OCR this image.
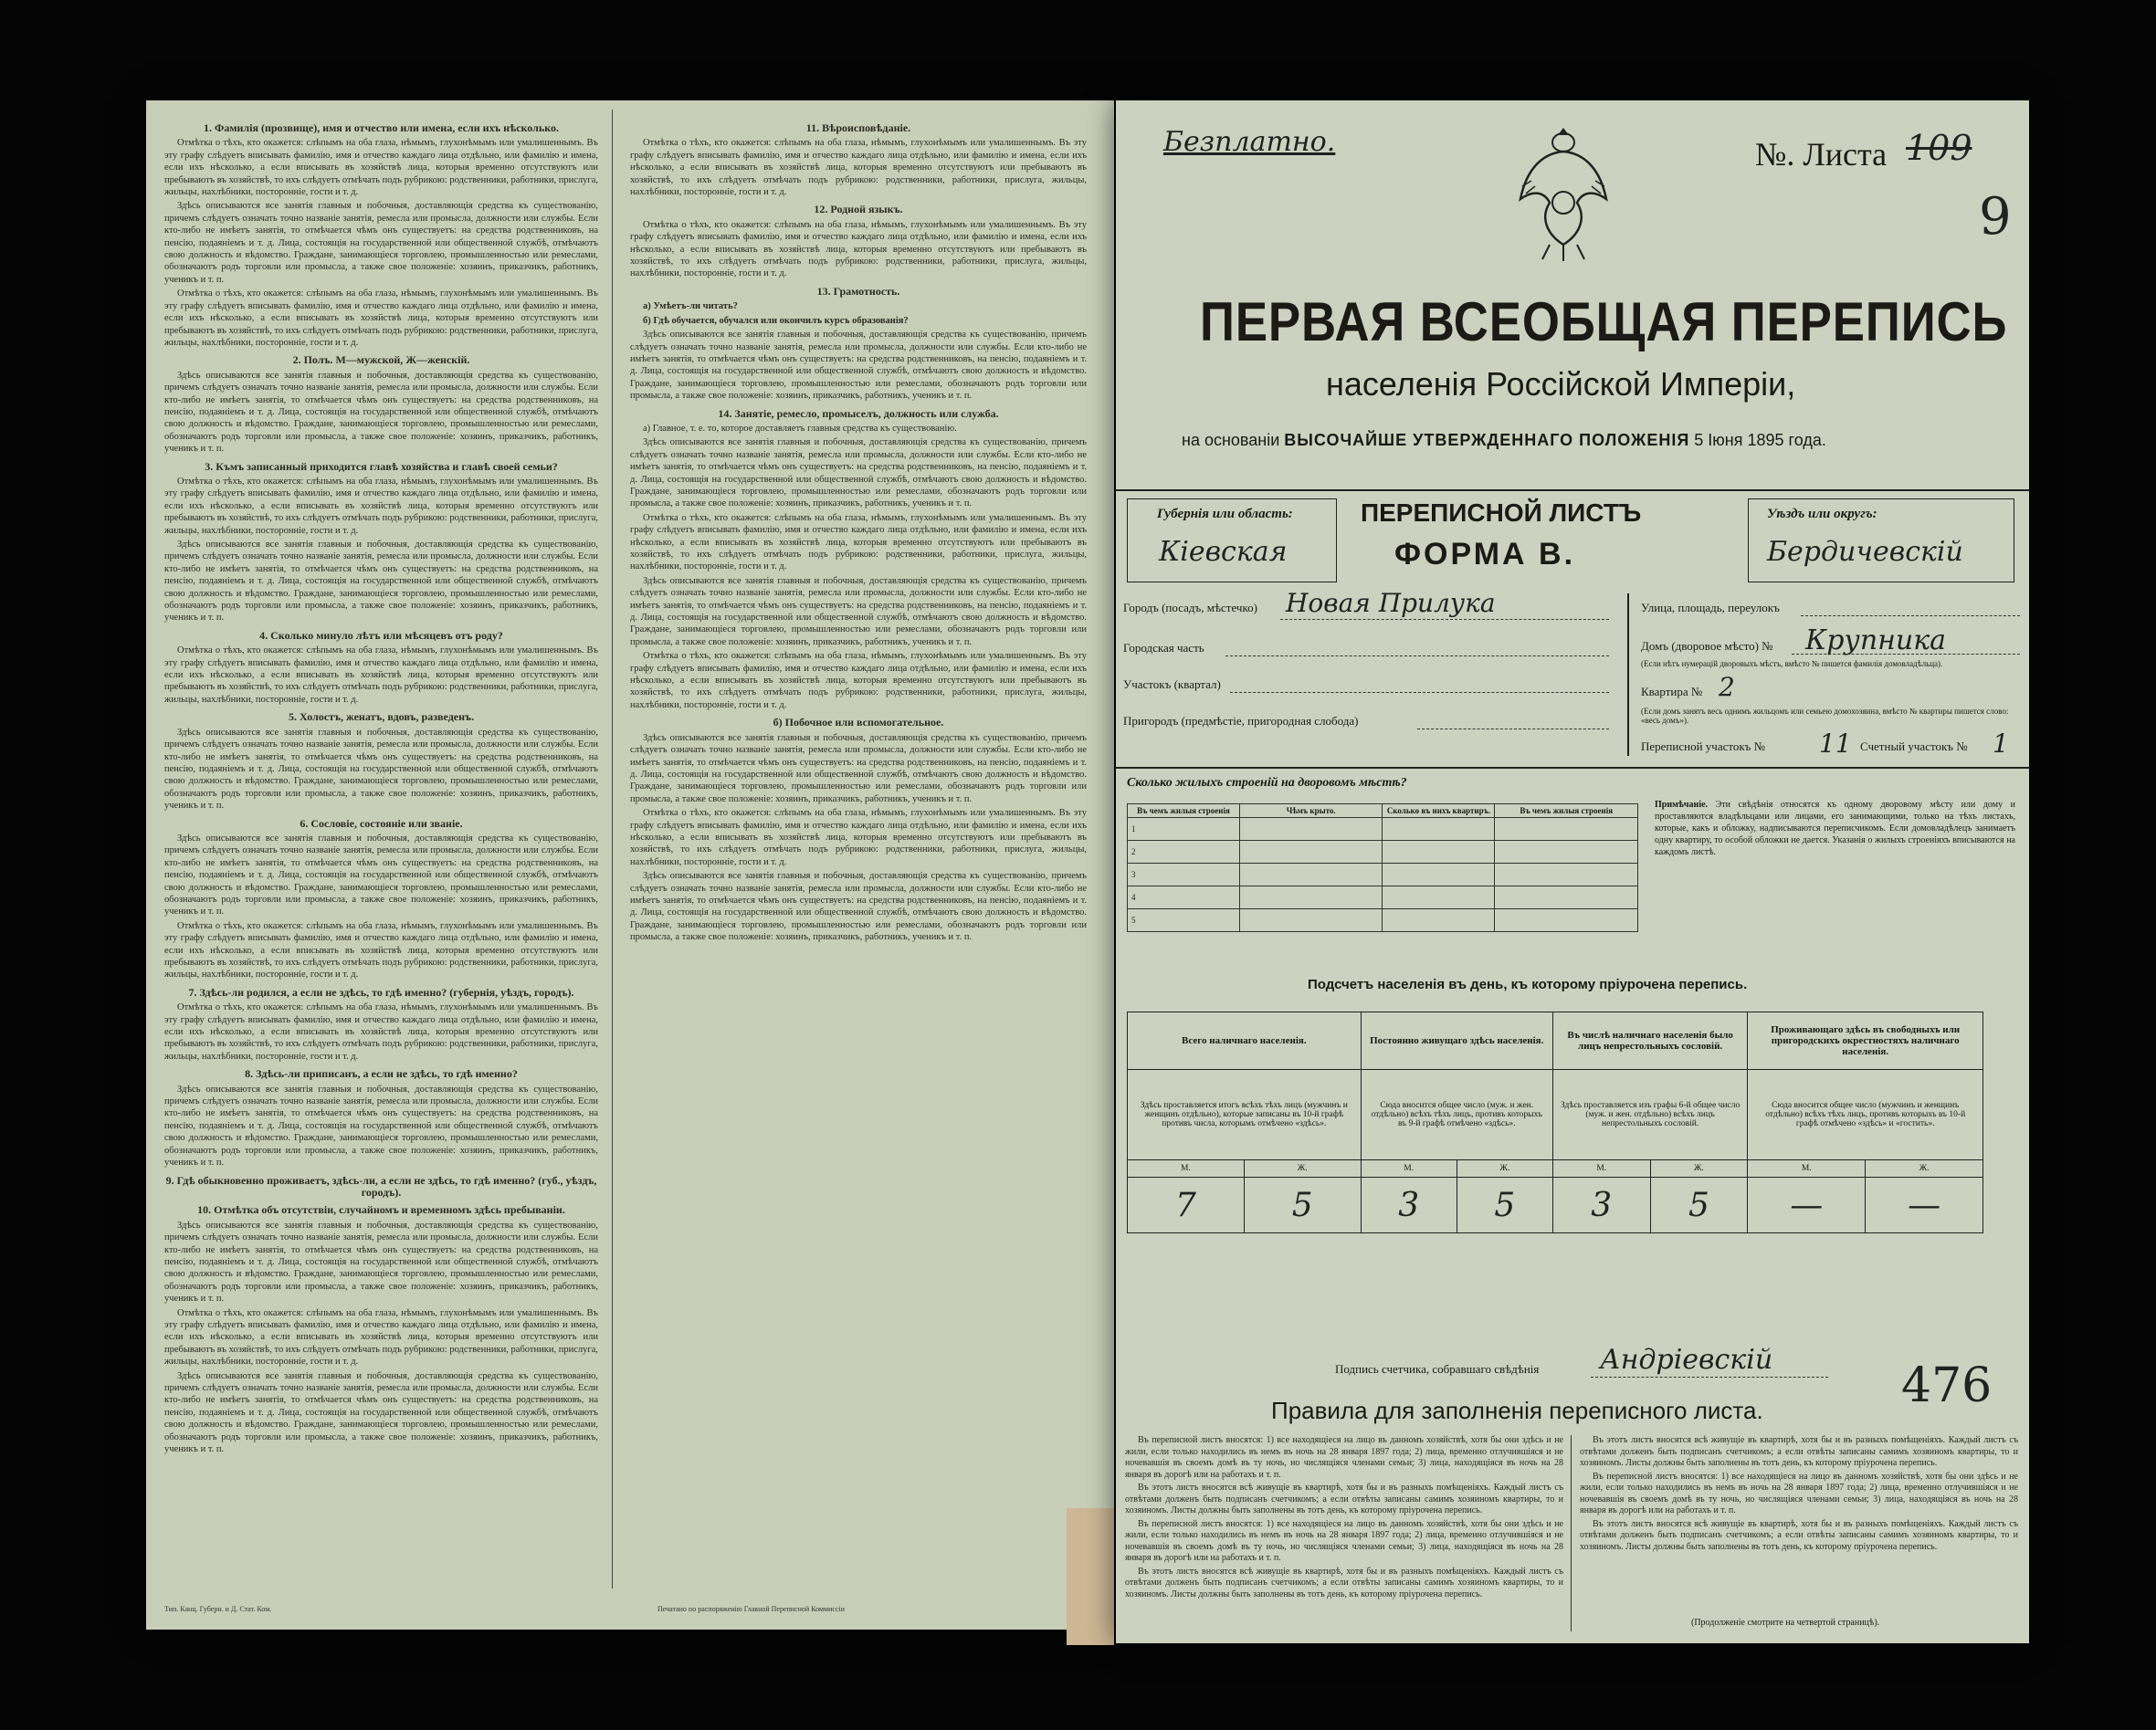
1. Фамилія (прозвище), имя и отчество или имена, если ихъ нѣсколько.

Отмѣтка о тѣхъ, кто окажется: слѣпымъ на оба глаза, нѣмымъ, глухонѣмымъ или умалишеннымъ. Въ эту графу слѣдуетъ вписывать фамилію, имя и отчество каждаго лица отдѣльно, или фамилію и имена, если ихъ нѣсколько, а если вписывать въ хозяйствѣ лица, которыя временно отсутствуютъ или пребываютъ въ хозяйствѣ, то ихъ слѣдуетъ отмѣчать подъ рубрикою: родственники, работники, прислуга, жильцы, нахлѣбники, посторонніе, гости и т. д.

Здѣсь описываются все занятія главныя и побочныя, доставляющія средства къ существованію, причемъ слѣдуетъ означать точно названіе занятія, ремесла или промысла, должности или службы. Если кто-либо не имѣетъ занятія, то отмѣчается чѣмъ онъ существуетъ: на средства родственниковъ, на пенсію, подаяніемъ и т. д. Лица, состоящія на государственной или общественной службѣ, отмѣчаютъ свою должность и вѣдомство. Граждане, занимающіеся торговлею, промышленностью или ремеслами, обозначаютъ родъ торговли или промысла, а также свое положеніе: хозяинъ, приказчикъ, работникъ, ученикъ и т. п.

Отмѣтка о тѣхъ, кто окажется: слѣпымъ на оба глаза, нѣмымъ, глухонѣмымъ или умалишеннымъ. Въ эту графу слѣдуетъ вписывать фамилію, имя и отчество каждаго лица отдѣльно, или фамилію и имена, если ихъ нѣсколько, а если вписывать въ хозяйствѣ лица, которыя временно отсутствуютъ или пребываютъ въ хозяйствѣ, то ихъ слѣдуетъ отмѣчать подъ рубрикою: родственники, работники, прислуга, жильцы, нахлѣбники, посторонніе, гости и т. д.

2. Полъ. М—мужской, Ж—женскій.

Здѣсь описываются все занятія главныя и побочныя, доставляющія средства къ существованію, причемъ слѣдуетъ означать точно названіе занятія, ремесла или промысла, должности или службы. Если кто-либо не имѣетъ занятія, то отмѣчается чѣмъ онъ существуетъ: на средства родственниковъ, на пенсію, подаяніемъ и т. д. Лица, состоящія на государственной или общественной службѣ, отмѣчаютъ свою должность и вѣдомство. Граждане, занимающіеся торговлею, промышленностью или ремеслами, обозначаютъ родъ торговли или промысла, а также свое положеніе: хозяинъ, приказчикъ, работникъ, ученикъ и т. п.

3. Къмъ записанный приходится главѣ хозяйства и главѣ своей семьи?

Отмѣтка о тѣхъ, кто окажется: слѣпымъ на оба глаза, нѣмымъ, глухонѣмымъ или умалишеннымъ. Въ эту графу слѣдуетъ вписывать фамилію, имя и отчество каждаго лица отдѣльно, или фамилію и имена, если ихъ нѣсколько, а если вписывать въ хозяйствѣ лица, которыя временно отсутствуютъ или пребываютъ въ хозяйствѣ, то ихъ слѣдуетъ отмѣчать подъ рубрикою: родственники, работники, прислуга, жильцы, нахлѣбники, посторонніе, гости и т. д.

Здѣсь описываются все занятія главныя и побочныя, доставляющія средства къ существованію, причемъ слѣдуетъ означать точно названіе занятія, ремесла или промысла, должности или службы. Если кто-либо не имѣетъ занятія, то отмѣчается чѣмъ онъ существуетъ: на средства родственниковъ, на пенсію, подаяніемъ и т. д. Лица, состоящія на государственной или общественной службѣ, отмѣчаютъ свою должность и вѣдомство. Граждане, занимающіеся торговлею, промышленностью или ремеслами, обозначаютъ родъ торговли или промысла, а также свое положеніе: хозяинъ, приказчикъ, работникъ, ученикъ и т. п.

4. Сколько минуло лѣтъ или мѣсяцевъ отъ роду?

Отмѣтка о тѣхъ, кто окажется: слѣпымъ на оба глаза, нѣмымъ, глухонѣмымъ или умалишеннымъ. Въ эту графу слѣдуетъ вписывать фамилію, имя и отчество каждаго лица отдѣльно, или фамилію и имена, если ихъ нѣсколько, а если вписывать въ хозяйствѣ лица, которыя временно отсутствуютъ или пребываютъ въ хозяйствѣ, то ихъ слѣдуетъ отмѣчать подъ рубрикою: родственники, работники, прислуга, жильцы, нахлѣбники, посторонніе, гости и т. д.

5. Холостъ, женатъ, вдовъ, разведенъ.

Здѣсь описываются все занятія главныя и побочныя, доставляющія средства къ существованію, причемъ слѣдуетъ означать точно названіе занятія, ремесла или промысла, должности или службы. Если кто-либо не имѣетъ занятія, то отмѣчается чѣмъ онъ существуетъ: на средства родственниковъ, на пенсію, подаяніемъ и т. д. Лица, состоящія на государственной или общественной службѣ, отмѣчаютъ свою должность и вѣдомство. Граждане, занимающіеся торговлею, промышленностью или ремеслами, обозначаютъ родъ торговли или промысла, а также свое положеніе: хозяинъ, приказчикъ, работникъ, ученикъ и т. п.

6. Сословіе, состояніе или званіе.

Здѣсь описываются все занятія главныя и побочныя, доставляющія средства къ существованію, причемъ слѣдуетъ означать точно названіе занятія, ремесла или промысла, должности или службы. Если кто-либо не имѣетъ занятія, то отмѣчается чѣмъ онъ существуетъ: на средства родственниковъ, на пенсію, подаяніемъ и т. д. Лица, состоящія на государственной или общественной службѣ, отмѣчаютъ свою должность и вѣдомство. Граждане, занимающіеся торговлею, промышленностью или ремеслами, обозначаютъ родъ торговли или промысла, а также свое положеніе: хозяинъ, приказчикъ, работникъ, ученикъ и т. п.

Отмѣтка о тѣхъ, кто окажется: слѣпымъ на оба глаза, нѣмымъ, глухонѣмымъ или умалишеннымъ. Въ эту графу слѣдуетъ вписывать фамилію, имя и отчество каждаго лица отдѣльно, или фамилію и имена, если ихъ нѣсколько, а если вписывать въ хозяйствѣ лица, которыя временно отсутствуютъ или пребываютъ въ хозяйствѣ, то ихъ слѣдуетъ отмѣчать подъ рубрикою: родственники, работники, прислуга, жильцы, нахлѣбники, посторонніе, гости и т. д.

7. Здѣсь-ли родился, а если не здѣсь, то гдѣ именно? (губернія, уѣздъ, городъ).

Отмѣтка о тѣхъ, кто окажется: слѣпымъ на оба глаза, нѣмымъ, глухонѣмымъ или умалишеннымъ. Въ эту графу слѣдуетъ вписывать фамилію, имя и отчество каждаго лица отдѣльно, или фамилію и имена, если ихъ нѣсколько, а если вписывать въ хозяйствѣ лица, которыя временно отсутствуютъ или пребываютъ въ хозяйствѣ, то ихъ слѣдуетъ отмѣчать подъ рубрикою: родственники, работники, прислуга, жильцы, нахлѣбники, посторонніе, гости и т. д.

8. Здѣсь-ли приписанъ, а если не здѣсь, то гдѣ именно?

Здѣсь описываются все занятія главныя и побочныя, доставляющія средства къ существованію, причемъ слѣдуетъ означать точно названіе занятія, ремесла или промысла, должности или службы. Если кто-либо не имѣетъ занятія, то отмѣчается чѣмъ онъ существуетъ: на средства родственниковъ, на пенсію, подаяніемъ и т. д. Лица, состоящія на государственной или общественной службѣ, отмѣчаютъ свою должность и вѣдомство. Граждане, занимающіеся торговлею, промышленностью или ремеслами, обозначаютъ родъ торговли или промысла, а также свое положеніе: хозяинъ, приказчикъ, работникъ, ученикъ и т. п.

9. Гдѣ обыкновенно проживаетъ, здѣсь-ли, а если не здѣсь, то гдѣ именно? (губ., уѣздъ, городъ).
10. Отмѣтка объ отсутствіи, случайномъ и временномъ здѣсь пребываніи.

Здѣсь описываются все занятія главныя и побочныя, доставляющія средства къ существованію, причемъ слѣдуетъ означать точно названіе занятія, ремесла или промысла, должности или службы. Если кто-либо не имѣетъ занятія, то отмѣчается чѣмъ онъ существуетъ: на средства родственниковъ, на пенсію, подаяніемъ и т. д. Лица, состоящія на государственной или общественной службѣ, отмѣчаютъ свою должность и вѣдомство. Граждане, занимающіеся торговлею, промышленностью или ремеслами, обозначаютъ родъ торговли или промысла, а также свое положеніе: хозяинъ, приказчикъ, работникъ, ученикъ и т. п.

Отмѣтка о тѣхъ, кто окажется: слѣпымъ на оба глаза, нѣмымъ, глухонѣмымъ или умалишеннымъ. Въ эту графу слѣдуетъ вписывать фамилію, имя и отчество каждаго лица отдѣльно, или фамилію и имена, если ихъ нѣсколько, а если вписывать въ хозяйствѣ лица, которыя временно отсутствуютъ или пребываютъ въ хозяйствѣ, то ихъ слѣдуетъ отмѣчать подъ рубрикою: родственники, работники, прислуга, жильцы, нахлѣбники, посторонніе, гости и т. д.

Здѣсь описываются все занятія главныя и побочныя, доставляющія средства къ существованію, причемъ слѣдуетъ означать точно названіе занятія, ремесла или промысла, должности или службы. Если кто-либо не имѣетъ занятія, то отмѣчается чѣмъ онъ существуетъ: на средства родственниковъ, на пенсію, подаяніемъ и т. д. Лица, состоящія на государственной или общественной службѣ, отмѣчаютъ свою должность и вѣдомство. Граждане, занимающіеся торговлею, промышленностью или ремеслами, обозначаютъ родъ торговли или промысла, а также свое положеніе: хозяинъ, приказчикъ, работникъ, ученикъ и т. п.

11. Вѣроисповѣданіе.

Отмѣтка о тѣхъ, кто окажется: слѣпымъ на оба глаза, нѣмымъ, глухонѣмымъ или умалишеннымъ. Въ эту графу слѣдуетъ вписывать фамилію, имя и отчество каждаго лица отдѣльно, или фамилію и имена, если ихъ нѣсколько, а если вписывать въ хозяйствѣ лица, которыя временно отсутствуютъ или пребываютъ въ хозяйствѣ, то ихъ слѣдуетъ отмѣчать подъ рубрикою: родственники, работники, прислуга, жильцы, нахлѣбники, посторонніе, гости и т. д.

12. Родной языкъ.

Отмѣтка о тѣхъ, кто окажется: слѣпымъ на оба глаза, нѣмымъ, глухонѣмымъ или умалишеннымъ. Въ эту графу слѣдуетъ вписывать фамилію, имя и отчество каждаго лица отдѣльно, или фамилію и имена, если ихъ нѣсколько, а если вписывать въ хозяйствѣ лица, которыя временно отсутствуютъ или пребываютъ въ хозяйствѣ, то ихъ слѣдуетъ отмѣчать подъ рубрикою: родственники, работники, прислуга, жильцы, нахлѣбники, посторонніе, гости и т. д.

13. Грамотность.

а) Умѣетъ-ли читать?

б) Гдѣ обучается, обучался или окончилъ курсъ образованія?

Здѣсь описываются все занятія главныя и побочныя, доставляющія средства къ существованію, причемъ слѣдуетъ означать точно названіе занятія, ремесла или промысла, должности или службы. Если кто-либо не имѣетъ занятія, то отмѣчается чѣмъ онъ существуетъ: на средства родственниковъ, на пенсію, подаяніемъ и т. д. Лица, состоящія на государственной или общественной службѣ, отмѣчаютъ свою должность и вѣдомство. Граждане, занимающіеся торговлею, промышленностью или ремеслами, обозначаютъ родъ торговли или промысла, а также свое положеніе: хозяинъ, приказчикъ, работникъ, ученикъ и т. п.

14. Занятіе, ремесло, промыселъ, должность или служба.

а) Главное, т. е. то, которое доставляетъ главныя средства къ существованію.

Здѣсь описываются все занятія главныя и побочныя, доставляющія средства къ существованію, причемъ слѣдуетъ означать точно названіе занятія, ремесла или промысла, должности или службы. Если кто-либо не имѣетъ занятія, то отмѣчается чѣмъ онъ существуетъ: на средства родственниковъ, на пенсію, подаяніемъ и т. д. Лица, состоящія на государственной или общественной службѣ, отмѣчаютъ свою должность и вѣдомство. Граждане, занимающіеся торговлею, промышленностью или ремеслами, обозначаютъ родъ торговли или промысла, а также свое положеніе: хозяинъ, приказчикъ, работникъ, ученикъ и т. п.

Отмѣтка о тѣхъ, кто окажется: слѣпымъ на оба глаза, нѣмымъ, глухонѣмымъ или умалишеннымъ. Въ эту графу слѣдуетъ вписывать фамилію, имя и отчество каждаго лица отдѣльно, или фамилію и имена, если ихъ нѣсколько, а если вписывать въ хозяйствѣ лица, которыя временно отсутствуютъ или пребываютъ въ хозяйствѣ, то ихъ слѣдуетъ отмѣчать подъ рубрикою: родственники, работники, прислуга, жильцы, нахлѣбники, посторонніе, гости и т. д.

Здѣсь описываются все занятія главныя и побочныя, доставляющія средства къ существованію, причемъ слѣдуетъ означать точно названіе занятія, ремесла или промысла, должности или службы. Если кто-либо не имѣетъ занятія, то отмѣчается чѣмъ онъ существуетъ: на средства родственниковъ, на пенсію, подаяніемъ и т. д. Лица, состоящія на государственной или общественной службѣ, отмѣчаютъ свою должность и вѣдомство. Граждане, занимающіеся торговлею, промышленностью или ремеслами, обозначаютъ родъ торговли или промысла, а также свое положеніе: хозяинъ, приказчикъ, работникъ, ученикъ и т. п.

Отмѣтка о тѣхъ, кто окажется: слѣпымъ на оба глаза, нѣмымъ, глухонѣмымъ или умалишеннымъ. Въ эту графу слѣдуетъ вписывать фамилію, имя и отчество каждаго лица отдѣльно, или фамилію и имена, если ихъ нѣсколько, а если вписывать въ хозяйствѣ лица, которыя временно отсутствуютъ или пребываютъ въ хозяйствѣ, то ихъ слѣдуетъ отмѣчать подъ рубрикою: родственники, работники, прислуга, жильцы, нахлѣбники, посторонніе, гости и т. д.

б) Побочное или вспомогательное.

Здѣсь описываются все занятія главныя и побочныя, доставляющія средства къ существованію, причемъ слѣдуетъ означать точно названіе занятія, ремесла или промысла, должности или службы. Если кто-либо не имѣетъ занятія, то отмѣчается чѣмъ онъ существуетъ: на средства родственниковъ, на пенсію, подаяніемъ и т. д. Лица, состоящія на государственной или общественной службѣ, отмѣчаютъ свою должность и вѣдомство. Граждане, занимающіеся торговлею, промышленностью или ремеслами, обозначаютъ родъ торговли или промысла, а также свое положеніе: хозяинъ, приказчикъ, работникъ, ученикъ и т. п.

Отмѣтка о тѣхъ, кто окажется: слѣпымъ на оба глаза, нѣмымъ, глухонѣмымъ или умалишеннымъ. Въ эту графу слѣдуетъ вписывать фамилію, имя и отчество каждаго лица отдѣльно, или фамилію и имена, если ихъ нѣсколько, а если вписывать въ хозяйствѣ лица, которыя временно отсутствуютъ или пребываютъ въ хозяйствѣ, то ихъ слѣдуетъ отмѣчать подъ рубрикою: родственники, работники, прислуга, жильцы, нахлѣбники, посторонніе, гости и т. д.

Здѣсь описываются все занятія главныя и побочныя, доставляющія средства къ существованію, причемъ слѣдуетъ означать точно названіе занятія, ремесла или промысла, должности или службы. Если кто-либо не имѣетъ занятія, то отмѣчается чѣмъ онъ существуетъ: на средства родственниковъ, на пенсію, подаяніемъ и т. д. Лица, состоящія на государственной или общественной службѣ, отмѣчаютъ свою должность и вѣдомство. Граждане, занимающіеся торговлею, промышленностью или ремеслами, обозначаютъ родъ торговли или промысла, а также свое положеніе: хозяинъ, приказчикъ, работникъ, ученикъ и т. п.

Тип. Канц. Губерн. и Д. Стат. Ком.	Печатано по распоряженію Главной Переписной Коммиссіи
Безплатно.	№. Листа 109
9
ПЕРВАЯ ВСЕОБЩАЯ ПЕРЕПИСЬ
населенія Россійской Имперіи,
на основаніи ВЫСОЧАЙШЕ УТВЕРЖДЕННАГО ПОЛОЖЕНІЯ 5 Іюня 1895 года.
Губернія или область:
Кіевская
ПЕРЕПИСНОЙ ЛИСТЪ
ФОРМА В.
Уѣздъ или округъ:
Бердичевскій
Городъ (посадъ, мѣстечко) Новая Прилука
Городская часть
Участокъ (квартал)
Пригородъ (предмѣстіе, пригородная слобода)
Улица, площадь, переулокъ
Домъ (дворовое мѣсто) № Крупника
(Если нѣтъ нумерацій дворовыхъ мѣстъ, вмѣсто № пишется фамилія домовладѣльца).
Квартира № 2
(Если домъ занятъ весь однимъ жильцомъ или семьею домохозяина, вмѣсто № квартиры пишется слово: «весь домъ»).
Переписной участокъ № 11 Счетный участокъ № 1
Сколько жилыхъ строеній на дворовомъ мѣстѣ?
Въ чемъ жилыя строенія	Чѣмъ крыто.	Сколько въ нихъ квартиръ.	Въ чемъ жилыя строенія
1			
2			
3			
4			
5			
Примѣчаніе. Эти свѣдѣнія относятся къ одному дворовому мѣсту или дому и проставляются владѣльцами или лицами, его занимающими, только на тѣхъ листахъ, которые, какъ и обложку, надписываются переписчикомъ. Если домовладѣлецъ занимаетъ одну квартиру, то особой обложки не дается. Указанія о жилыхъ строеніяхъ вписываются на каждомъ листѣ.
Подсчетъ населенія въ день, къ которому пріурочена перепись.
Всего наличнаго населенія.		Постоянно живущаго здѣсь населенія.		Въ числѣ наличнаго населенія было лицъ непрестольныхъ сословій.		Проживающаго здѣсь въ свободныхъ или пригородскихъ окрестностяхъ наличнаго населенія.	
Здѣсь проставляется итогъ всѣхъ тѣхъ лицъ (мужчинъ и женщинъ отдѣльно), которые записаны въ 10-й графѣ противъ числа, которымъ отмѣчено «здѣсь».		Сюда вносится общее число (муж. и жен. отдѣльно) всѣхъ тѣхъ лицъ, противъ которыхъ въ 9-й графѣ отмѣчено «здѣсь».		Здѣсь проставляется изъ графы 6-й общее число (муж. и жен. отдѣльно) всѣхъ лицъ непрестольныхъ сословій.		Сюда вносится общее число (мужчинъ и женщинъ отдѣльно) всѣхъ тѣхъ лицъ, противъ которыхъ въ 10-й графѣ отмѣчено «здѣсь» и «гостить».	
М.	Ж.	М.	Ж.	М.	Ж.	М.	Ж.
7	5	3	5	3	5	—	—
Подпись счетчика, собравшаго свѣдѣнія Андріевскій	476
Правила для заполненія переписного листа.

Въ переписной листъ вносятся: 1) все находящіеся на лицо въ данномъ хозяйствѣ, хотя бы они здѣсь и не жили, если только находились въ немъ въ ночь на 28 января 1897 года; 2) лица, временно отлучившіяся и не ночевавшія въ своемъ домѣ въ ту ночь, но числящіяся членами семьи; 3) лица, находящіяся въ ночь на 28 января въ дорогѣ или на работахъ и т. п.

Въ этотъ листъ вносятся всѣ живущіе въ квартирѣ, хотя бы и въ разныхъ помѣщеніяхъ. Каждый листъ съ отвѣтами долженъ быть подписанъ счетчикомъ; а если отвѣты записаны самимъ хозяиномъ квартиры, то и хозяиномъ. Листы должны быть заполнены въ тотъ день, къ которому пріурочена перепись.

Въ переписной листъ вносятся: 1) все находящіеся на лицо въ данномъ хозяйствѣ, хотя бы они здѣсь и не жили, если только находились въ немъ въ ночь на 28 января 1897 года; 2) лица, временно отлучившіяся и не ночевавшія въ своемъ домѣ въ ту ночь, но числящіяся членами семьи; 3) лица, находящіяся въ ночь на 28 января въ дорогѣ или на работахъ и т. п.

Въ этотъ листъ вносятся всѣ живущіе въ квартирѣ, хотя бы и въ разныхъ помѣщеніяхъ. Каждый листъ съ отвѣтами долженъ быть подписанъ счетчикомъ; а если отвѣты записаны самимъ хозяиномъ квартиры, то и хозяиномъ. Листы должны быть заполнены въ тотъ день, къ которому пріурочена перепись.

Въ этотъ листъ вносятся всѣ живущіе въ квартирѣ, хотя бы и въ разныхъ помѣщеніяхъ. Каждый листъ съ отвѣтами долженъ быть подписанъ счетчикомъ; а если отвѣты записаны самимъ хозяиномъ квартиры, то и хозяиномъ. Листы должны быть заполнены въ тотъ день, къ которому пріурочена перепись.

Въ переписной листъ вносятся: 1) все находящіеся на лицо въ данномъ хозяйствѣ, хотя бы они здѣсь и не жили, если только находились въ немъ въ ночь на 28 января 1897 года; 2) лица, временно отлучившіяся и не ночевавшія въ своемъ домѣ въ ту ночь, но числящіяся членами семьи; 3) лица, находящіяся въ ночь на 28 января въ дорогѣ или на работахъ и т. п.

Въ этотъ листъ вносятся всѣ живущіе въ квартирѣ, хотя бы и въ разныхъ помѣщеніяхъ. Каждый листъ съ отвѣтами долженъ быть подписанъ счетчикомъ; а если отвѣты записаны самимъ хозяиномъ квартиры, то и хозяиномъ. Листы должны быть заполнены въ тотъ день, къ которому пріурочена перепись.

(Продолженіе смотрите на четвертой страницѣ).
